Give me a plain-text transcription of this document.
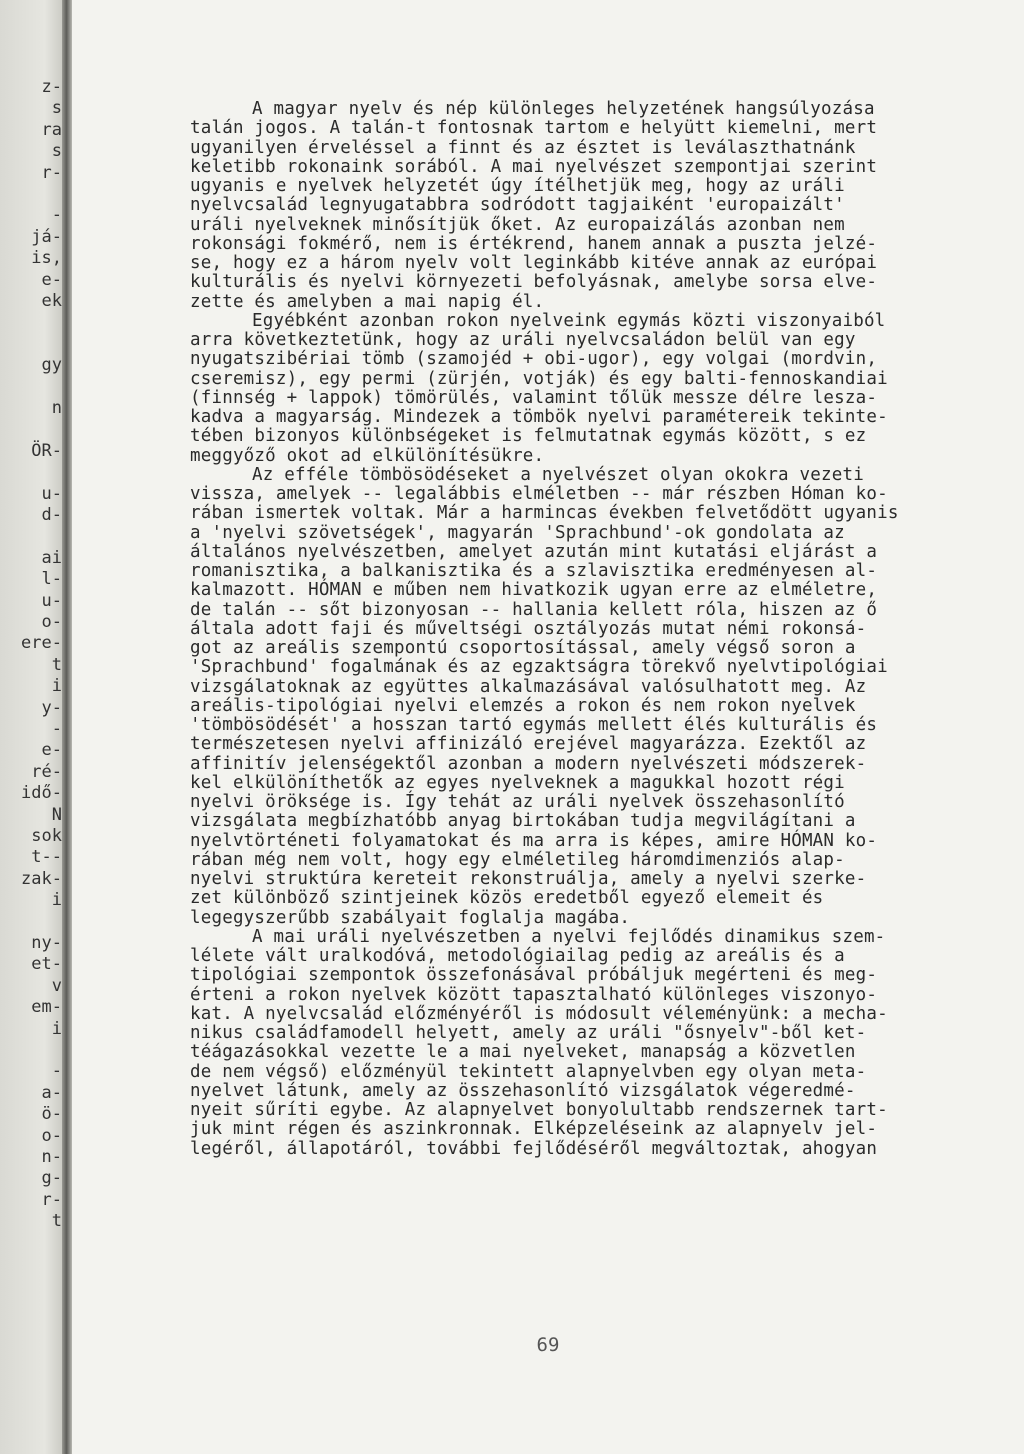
z-
s
ra
s
r-
-
já-
is,
e-
ek
gy
n
ÖR-
u-
d-
ai
l-
u-
o-
ere-
t
i
y-
-
e-
ré-
idő-
N
sok
t--
zak-
i
ny-
et-
v
em-
i
-
a-
ö-
o-
n-
g-
r-
t
A magyar nyelv és nép különleges helyzetének hangsúlyozása
talán jogos. A talán-t fontosnak tartom e helyütt kiemelni, mert
ugyanilyen érveléssel a finnt és az észtet is leválaszthatnánk
keletibb rokonaink sorából. A mai nyelvészet szempontjai szerint
ugyanis e nyelvek helyzetét úgy ítélhetjük meg, hogy az uráli
nyelvcsalád legnyugatabbra sodródott tagjaiként 'europaizált'
uráli nyelveknek minősítjük őket. Az europaizálás azonban nem
rokonsági fokmérő, nem is értékrend, hanem annak a puszta jelzé-
se, hogy ez a három nyelv volt leginkább kitéve annak az európai
kulturális és nyelvi környezeti befolyásnak, amelybe sorsa elve-
zette és amelyben a mai napig él.
Egyébként azonban rokon nyelveink egymás közti viszonyaiból
arra következtetünk, hogy az uráli nyelvcsaládon belül van egy
nyugatszibériai tömb (szamojéd + obi-ugor), egy volgai (mordvin,
cseremisz), egy permi (zürjén, votják) és egy balti-fennoskandiai
(finnség + lappok) tömörülés, valamint tőlük messze délre lesza-
kadva a magyarság. Mindezek a tömbök nyelvi paramétereik tekinte-
tében bizonyos különbségeket is felmutatnak egymás között, s ez
meggyőző okot ad elkülönítésükre.
Az efféle tömbösödéseket a nyelvészet olyan okokra vezeti
vissza, amelyek -- legalábbis elméletben -- már részben Hóman ko-
rában ismertek voltak. Már a harmincas években felvetődött ugyanis
a 'nyelvi szövetségek', magyarán 'Sprachbund'-ok gondolata az
általános nyelvészetben, amelyet azután mint kutatási eljárást a
romanisztika, a balkanisztika és a szlavisztika eredményesen al-
kalmazott. HÓMAN e műben nem hivatkozik ugyan erre az elméletre,
de talán -- sőt bizonyosan -- hallania kellett róla, hiszen az ő
általa adott faji és műveltségi osztályozás mutat némi rokonsá-
got az areális szempontú csoportosítással, amely végső soron a
'Sprachbund' fogalmának és az egzaktságra törekvő nyelvtipológiai
vizsgálatoknak az együttes alkalmazásával valósulhatott meg. Az
areális-tipológiai nyelvi elemzés a rokon és nem rokon nyelvek
'tömbösödését' a hosszan tartó egymás mellett élés kulturális és
természetesen nyelvi affinizáló erejével magyarázza. Ezektől az
affinitív jelenségektől azonban a modern nyelvészeti módszerek-
kel elkülöníthetők az egyes nyelveknek a magukkal hozott régi
nyelvi öröksége is. Így tehát az uráli nyelvek összehasonlító
vizsgálata megbízhatóbb anyag birtokában tudja megvilágítani a
nyelvtörténeti folyamatokat és ma arra is képes, amire HÓMAN ko-
rában még nem volt, hogy egy elméletileg háromdimenziós alap-
nyelvi struktúra kereteit rekonstruálja, amely a nyelvi szerke-
zet különböző szintjeinek közös eredetből egyező elemeit és
legegyszerűbb szabályait foglalja magába.
A mai uráli nyelvészetben a nyelvi fejlődés dinamikus szem-
lélete vált uralkodóvá, metodológiailag pedig az areális és a
tipológiai szempontok összefonásával próbáljuk megérteni és meg-
érteni a rokon nyelvek között tapasztalható különleges viszonyo-
kat. A nyelvcsalád előzményéről is módosult véleményünk: a mecha-
nikus családfamodell helyett, amely az uráli "ősnyelv"-ből ket-
téágazásokkal vezette le a mai nyelveket, manapság a közvetlen
de nem végső) előzményül tekintett alapnyelvben egy olyan meta-
nyelvet látunk, amely az összehasonlító vizsgálatok végeredmé-
nyeit sűríti egybe. Az alapnyelvet bonyolultabb rendszernek tart-
juk mint régen és aszinkronnak. Elképzeléseink az alapnyelv jel-
legéről, állapotáról, további fejlődéséről megváltoztak, ahogyan
69
